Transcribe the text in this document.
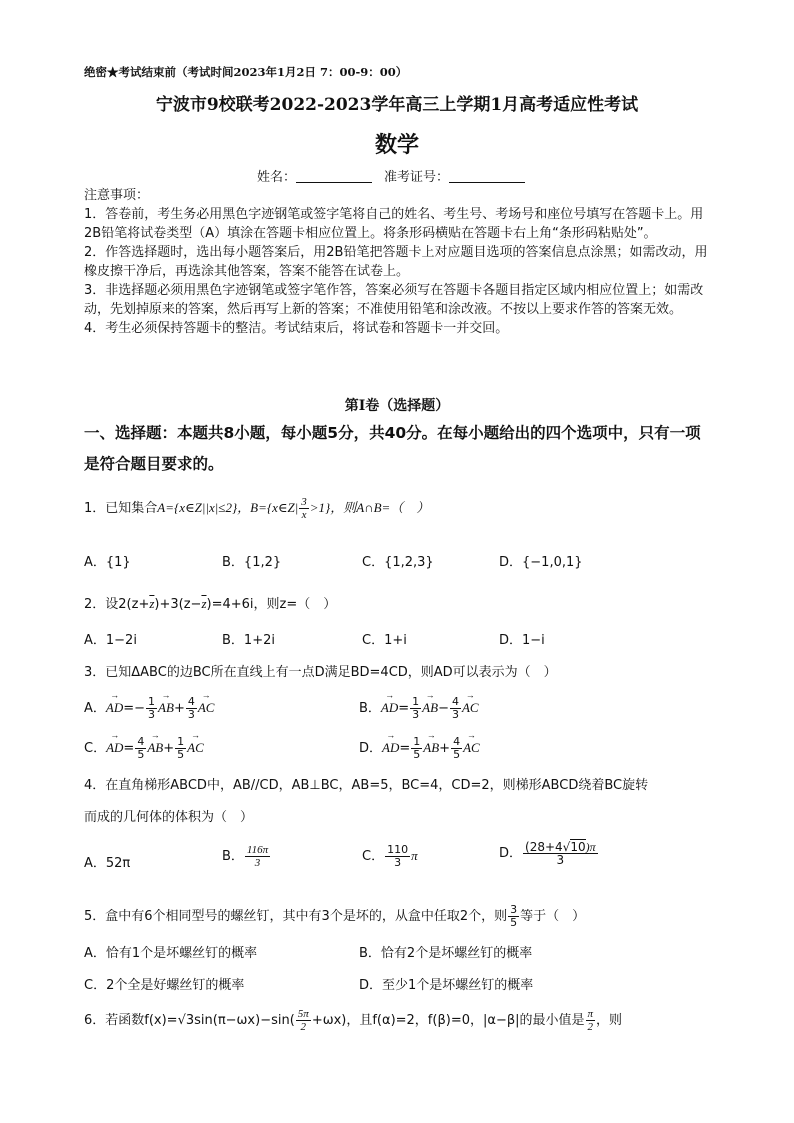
绝密★考试结束前（考试时间2023年1月2日 7：00-9：00）
宁波市9校联考2022-2023学年高三上学期1月高考适应性考试
数学
姓名：	准考证号：

注意事项：

1．答卷前，考生务必用黑色字迹钢笔或签字笔将自己的姓名、考生号、考场号和座位号填写在答题卡上。用2B铅笔将试卷类型（A）填涂在答题卡相应位置上。将条形码横贴在答题卡右上角“条形码粘贴处”。

2．作答选择题时，选出每小题答案后，用2B铅笔把答题卡上对应题目选项的答案信息点涂黑；如需改动，用橡皮擦干净后，再选涂其他答案，答案不能答在试卷上。

3．非选择题必须用黑色字迹钢笔或签字笔作答，答案必须写在答题卡各题目指定区域内相应位置上；如需改动，先划掉原来的答案，然后再写上新的答案；不准使用铅笔和涂改液。不按以上要求作答的答案无效。

4．考生必须保持答题卡的整洁。考试结束后，将试卷和答题卡一并交回。

第Ⅰ卷（选择题）
一、选择题：本题共8小题，每小题5分，共40分。在每小题给出的四个选项中，只有一项是符合题目要求的。
1．已知集合A={x∈Z||x|≤2}，B={x∈Z| $\frac{3}{x} >1$}，则A∩B=（　）
A．{1}	B．{1,2}	C．{1,2,3}	D．{−1,0,1}
2．设$2(z+\overline{z})+3(z-\overline{z})=4+6i$，则z=（　）
A．1−2i	B．1+2i	C．1+i	D．1−i
3．已知ΔABC的边BC所在直线上有一点D满足BD=4CD，则AD可以表示为（　）
A．→ $AD=- \frac{1}{3} \to AB+ \frac{4}{3}$ → AC	B．→ $AD= \frac{1}{3} \to AB- \frac{4}{3}$ → AC
C．→ $AD= \frac{4}{5} \to AB+ \frac{1}{5}$ → AC	D．→ $AD= \frac{1}{5} \to AB+ \frac{4}{5}$ → AC
4．在直角梯形ABCD中，AB//CD，AB⊥BC，AB=5，BC=4，CD=2，则梯形ABCD绕着BC旋转
而成的几何体的体积为（　）
A．52π	B． $\frac{116\pi}{3}$	C． $\frac{110}{3}$ π	D． $\frac{(28+4√10)\pi}{3}$
5．盒中有6个相同型号的螺丝钉，其中有3个是坏的，从盒中任取2个，则 $\frac{3}{5}$ 等于（　）
A．恰有1个是坏螺丝钉的概率	B．恰有2个是坏螺丝钉的概率
C．2个全是好螺丝钉的概率	D．至少1个是坏螺丝钉的概率
6．若函数$f(x)=√3\sin(\pi-\omega x)-\sin( \frac{5\pi}{2} +\omega x)$，且f(α)=2，f(β)=0，|α−β|的最小值是 $\frac{\pi}{2}$ ，则
